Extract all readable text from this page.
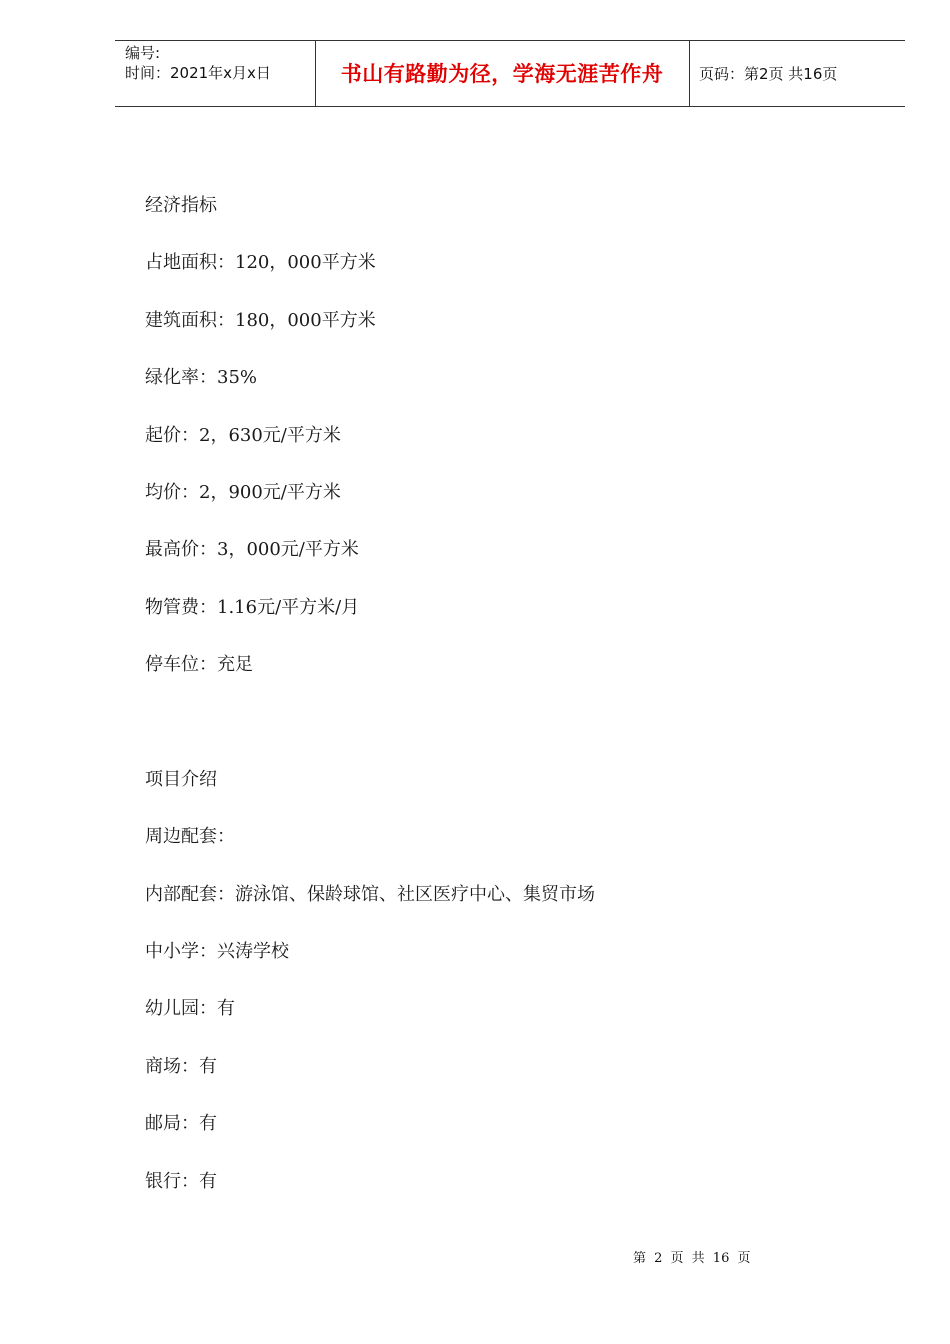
编号:
时间：2021年x月x日	书山有路勤为径，学海无涯苦作舟	页码：第2页 共16页
经济指标
占地面积：120，000平方米
建筑面积：180，000平方米
绿化率：35%
起价：2，630元/平方米
均价：2，900元/平方米
最高价：3，000元/平方米
物管费：1.16元/平方米/月
停车位：充足
项目介绍
周边配套：
内部配套：游泳馆、保龄球馆、社区医疗中心、集贸市场
中小学：兴涛学校
幼儿园：有
商场：有
邮局：有
银行：有
第 2 页 共 16 页
